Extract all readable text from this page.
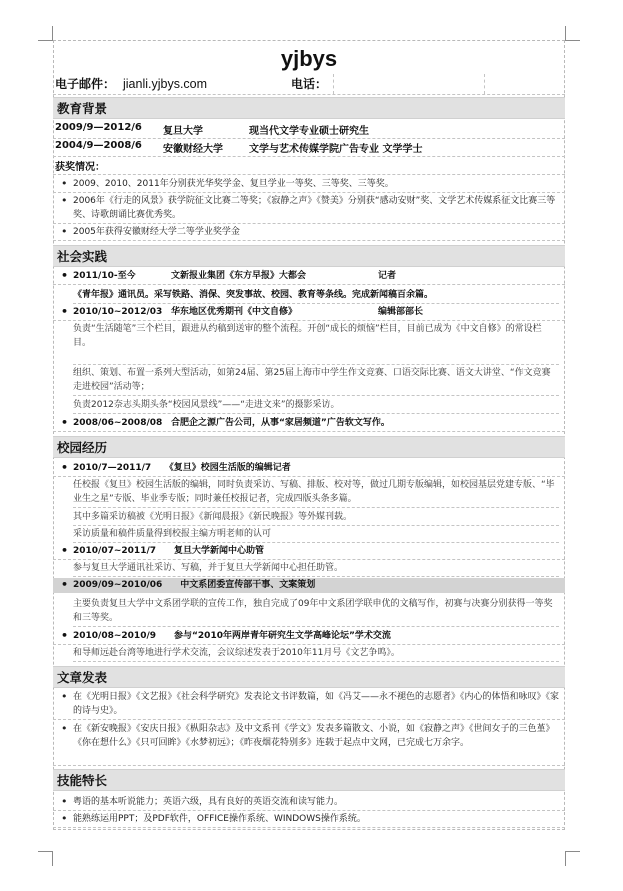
yjbys
电子邮件： jianli.yjbys.com	电话：
教育背景
2009/9—2012/6 复旦大学	现当代文学专业硕士研究生
2004/9—2008/6 安徽财经大学	文学与艺术传媒学院广告专业 文学学士
获奖情况：
• 2009、2010、2011年分别获光华奖学金、复旦学业一等奖、三等奖、三等奖。
• 2006年《行走的风景》获学院征文比赛二等奖；《寂静之声》《赞美》分别获“感动安财”奖、文学艺术传媒系征文比赛三等奖、诗歌朗诵比赛优秀奖。
• 2005年获得安徽财经大学二等学业奖学金
社会实践
• 2011/10-至今	文新报业集团《东方早报》大都会	记者
《青年报》通讯员。采写铁路、消保、突发事故、校园、教育等条线。完成新闻稿百余篇。
• 2010/10~2012/03 华东地区优秀期刊《中文自修》	编辑部部长
负责“生活随笔”三个栏目，跟进从约稿到送审的整个流程。开创“成长的烦恼”栏目，目前已成为《中文自修》的常设栏目。
组织、策划、布置一系列大型活动，如第24届、第25届上海市中学生作文竞赛、口语交际比赛、语文大讲堂、“作文竞赛走进校园”活动等；
负责2012奈志头期头条“校园风景线”——“走进文来”的摄影采访。
• 2008/06~2008/08 合肥企之源广告公司，从事“家居频道”广告软文写作。
校园经历
• 2010/7—2011/7　　《复旦》校园生活版的编辑记者
任校报《复旦》校园生活版的编辑，同时负责采访、写稿、排版、校对等，做过几期专版编辑，如校园基层党建专版、“毕业生之星”专版、毕业季专版；同时兼任校报记者，完成四版头条多篇。
其中多篇采访稿被《光明日报》《新闻晨报》《新民晚报》等外媒刊载。
采访质量和稿件质量得到校报主编方明老师的认可
• 2010/07~2011/7　　复旦大学新闻中心助管
参与复旦大学通讯社采访、写稿，并于复旦大学新闻中心担任助管。
• 2009/09~2010/06　　中文系团委宣传部干事、文案策划
主要负责复旦大学中文系团学联的宣传工作，独自完成了09年中文系团学联申优的文稿写作，初赛与决赛分别获得一等奖和三等奖。
• 2010/08~2010/9　　参与“2010年两岸青年研究生文学高峰论坛”学术交流
和导师远赴台湾等地进行学术交流，会议综述发表于2010年11月号《文艺争鸣》。
文章发表
• 在《光明日报》《文艺报》《社会科学研究》发表论文书评数篇，如《冯艾——永不褪色的志愿者》《内心的体悟和咏叹》《家的诗与史》。
• 在《新安晚报》《安庆日报》《枞阳杂志》及中文系刊《学文》发表多篇散文、小说，如《寂静之声》《世间女子的三色堇》《你在想什么》《只可回眸》《水梦初远》；《昨夜烟花特别多》连载于起点中文网，已完成七万余字。
技能特长
• 粤语的基本听说能力；英语六级，具有良好的英语交流和读写能力。
• 能熟练运用PPT；及PDF软件，OFFICE操作系统、WINDOWS操作系统。
